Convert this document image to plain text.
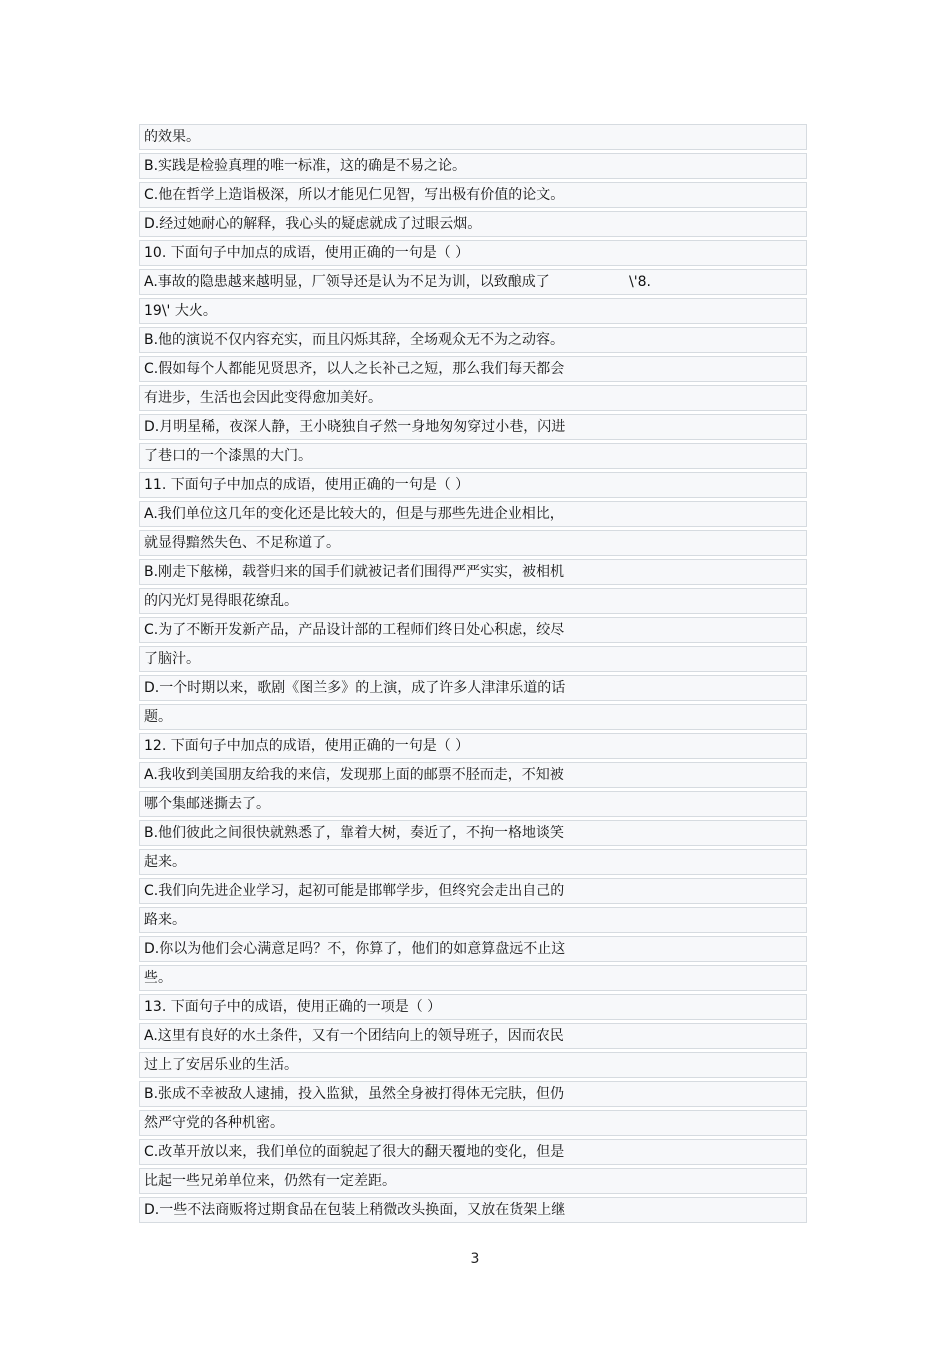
的效果。
B.实践是检验真理的唯一标准，这的确是不易之论。
C.他在哲学上造诣极深，所以才能见仁见智，写出极有价值的论文。
D.经过她耐心的解释，我心头的疑虑就成了过眼云烟。
10. 下面句子中加点的成语，使用正确的一句是（ ）
A.事故的隐患越来越明显，厂领导还是认为不足为训，以致酿成了	\'8.
19\' 大火。
B.他的演说不仅内容充实，而且闪烁其辞，全场观众无不为之动容。
C.假如每个人都能见贤思齐，以人之长补己之短，那么我们每天都会
有进步，生活也会因此变得愈加美好。
D.月明星稀，夜深人静，王小晓独自孑然一身地匆匆穿过小巷，闪进
了巷口的一个漆黑的大门。
11. 下面句子中加点的成语，使用正确的一句是（ ）
A.我们单位这几年的变化还是比较大的，但是与那些先进企业相比，
就显得黯然失色、不足称道了。
B.刚走下舷梯，载誉归来的国手们就被记者们围得严严实实，被相机
的闪光灯晃得眼花缭乱。
C.为了不断开发新产品，产品设计部的工程师们终日处心积虑，绞尽
了脑汁。
D.一个时期以来，歌剧《图兰多》的上演，成了许多人津津乐道的话
题。
12. 下面句子中加点的成语，使用正确的一句是（ ）
A.我收到美国朋友给我的来信，发现那上面的邮票不胫而走，不知被
哪个集邮迷撕去了。
B.他们彼此之间很快就熟悉了，靠着大树，奏近了，不拘一格地谈笑
起来。
C.我们向先进企业学习，起初可能是邯郸学步，但终究会走出自己的
路来。
D.你以为他们会心满意足吗？不，你算了，他们的如意算盘远不止这
些。
13. 下面句子中的成语，使用正确的一项是（ ）
A.这里有良好的水土条件，又有一个团结向上的领导班子，因而农民
过上了安居乐业的生活。
B.张成不幸被敌人逮捕，投入监狱，虽然全身被打得体无完肤，但仍
然严守党的各种机密。
C.改革开放以来，我们单位的面貌起了很大的翻天覆地的变化，但是
比起一些兄弟单位来，仍然有一定差距。
D.一些不法商贩将过期食品在包装上稍微改头换面，又放在货架上继
3
